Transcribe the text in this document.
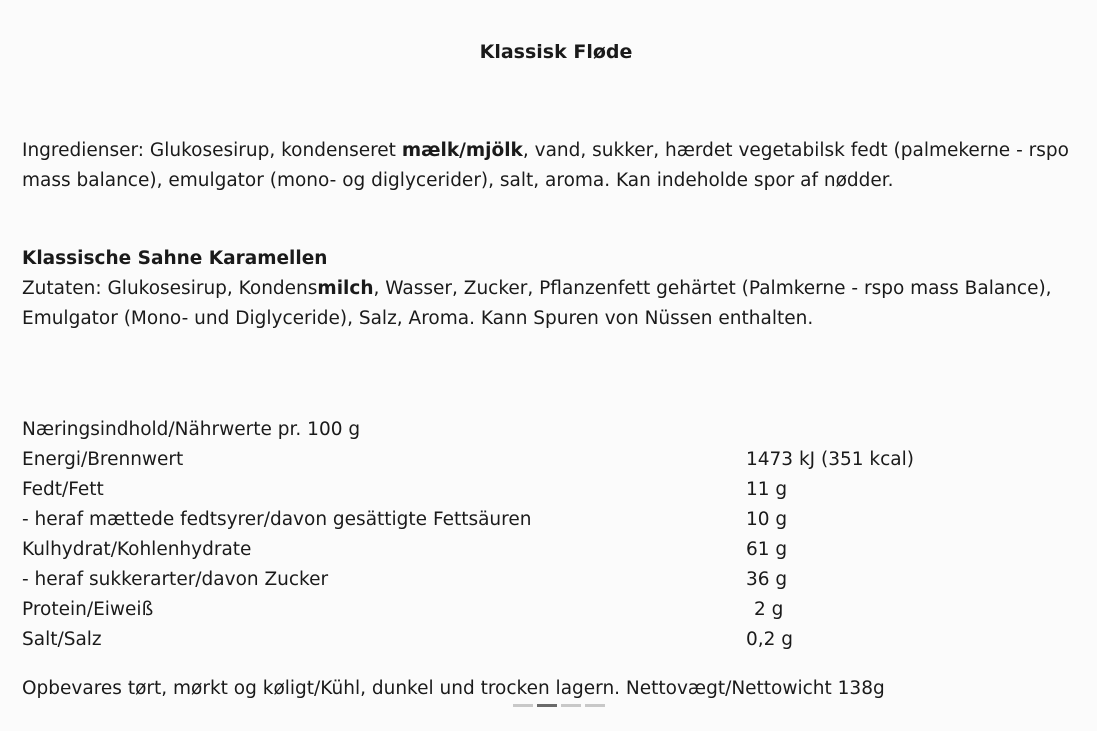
Klassisk Fløde

Ingredienser: Glukosesirup, kondenseret mælk/mjölk, vand, sukker, hærdet vegetabilsk fedt (palmekerne - rspo mass balance), emulgator (mono- og diglycerider), salt, aroma. Kan indeholde spor af nødder.

Klassische Sahne Karamellen

Zutaten: Glukosesirup, Kondensmilch, Wasser, Zucker, Pflanzenfett gehärtet (Palmkerne - rspo mass Balance), Emulgator (Mono- und Diglyceride), Salz, Aroma. Kann Spuren von Nüssen enthalten.

Næringsindhold/Nährwerte pr. 100 g
Energi/Brennwert	1473 kJ (351 kcal)
Fedt/Fett	11 g
- heraf mættede fedtsyrer/davon gesättigte Fettsäuren	10 g
Kulhydrat/Kohlenhydrate	61 g
- heraf sukkerarter/davon Zucker	36 g
Protein/Eiweiß	2 g
Salt/Salz	0,2 g
Opbevares tørt, mørkt og køligt/Kühl, dunkel und trocken lagern. Nettovægt/Nettowicht 138g
